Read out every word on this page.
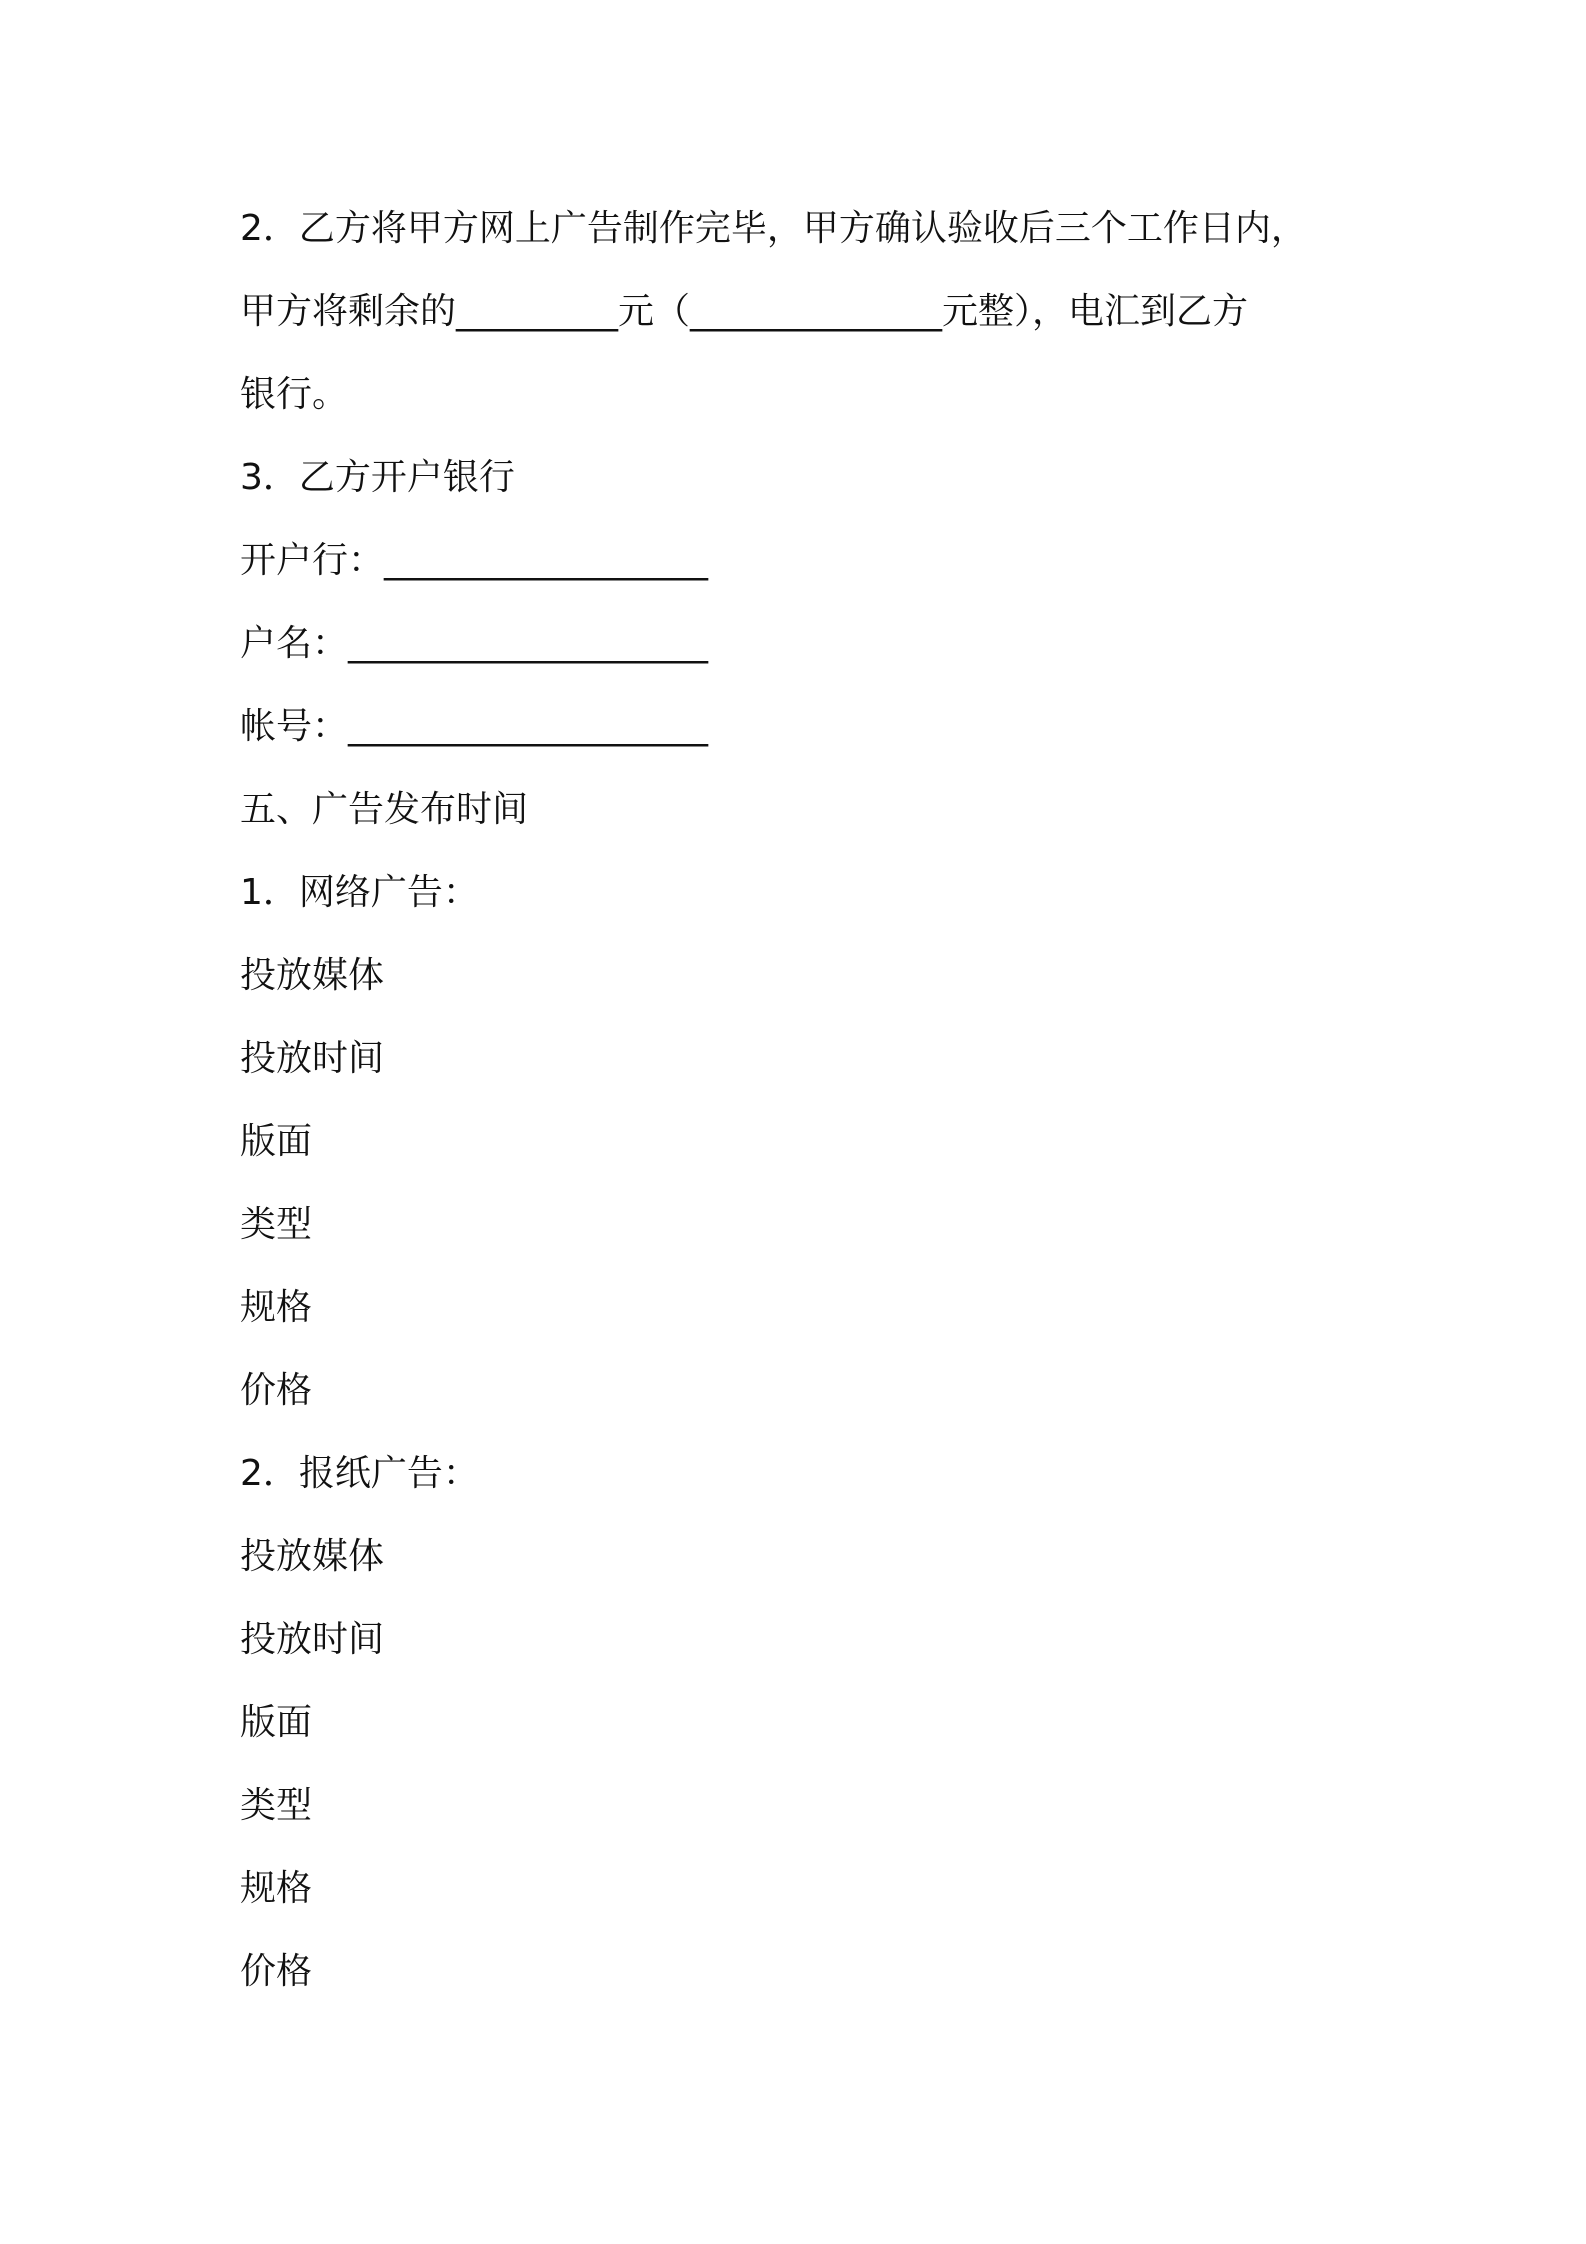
2．乙方将甲方网上广告制作完毕，甲方确认验收后三个工作日内，

甲方将剩余的_________元（______________元整），电汇到乙方

银行。

3．乙方开户银行

开户行：__________________

户名：____________________

帐号：____________________

五、广告发布时间

1．网络广告：

投放媒体

投放时间

版面

类型

规格

价格

2．报纸广告：

投放媒体

投放时间

版面

类型

规格

价格
